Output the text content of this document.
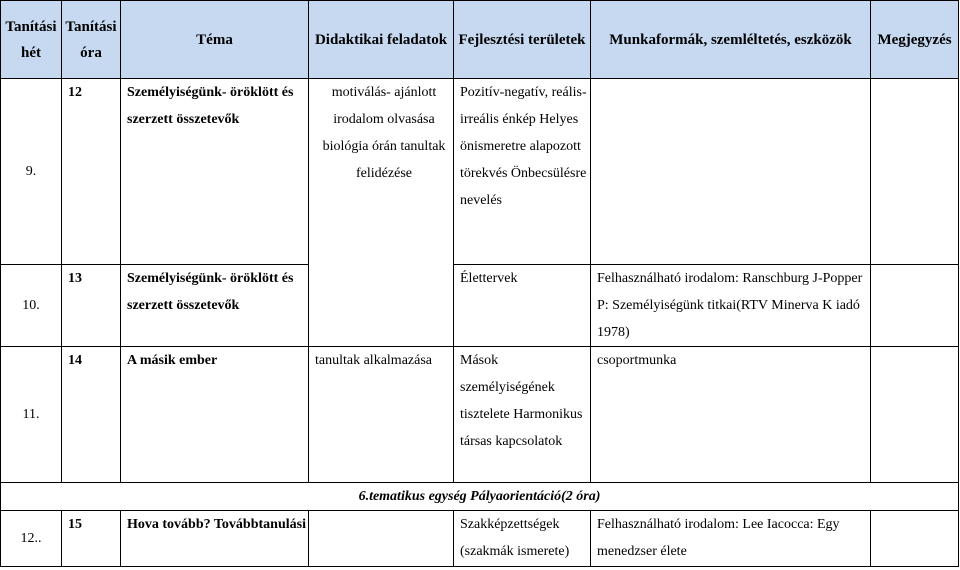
Tanítási hét	Tanítási óra	Téma	Didaktikai feladatok	Fejlesztési területek	Munkaformák, szemléltetés, eszközök	Megjegyzés
9.	12	Személyiségünk- öröklött és szerzett összetevők	motiválás- ajánlott irodalom olvasása biológia órán tanultak felidézése	Pozitív-negatív, reális-irreális énkép Helyes önismeretre alapozott törekvés Önbecsülésre nevelés		
10.	13	Személyiségünk- öröklött és szerzett összetevők		Élettervek	Felhasználható irodalom: Ranschburg J-Popper P: Személyiségünk titkai(RTV Minerva K iadó 1978)	
11.	14	A másik ember	tanultak alkalmazása	Mások személyiségének tisztelete Harmonikus társas kapcsolatok	csoportmunka	
6.tematikus egység Pályaorientáció(2 óra)						
12..	15	Hova tovább? Továbbtanulási		Szakképzettségek (szakmák ismerete)	Felhasználható irodalom: Lee Iacocca: Egy menedzser élete	
